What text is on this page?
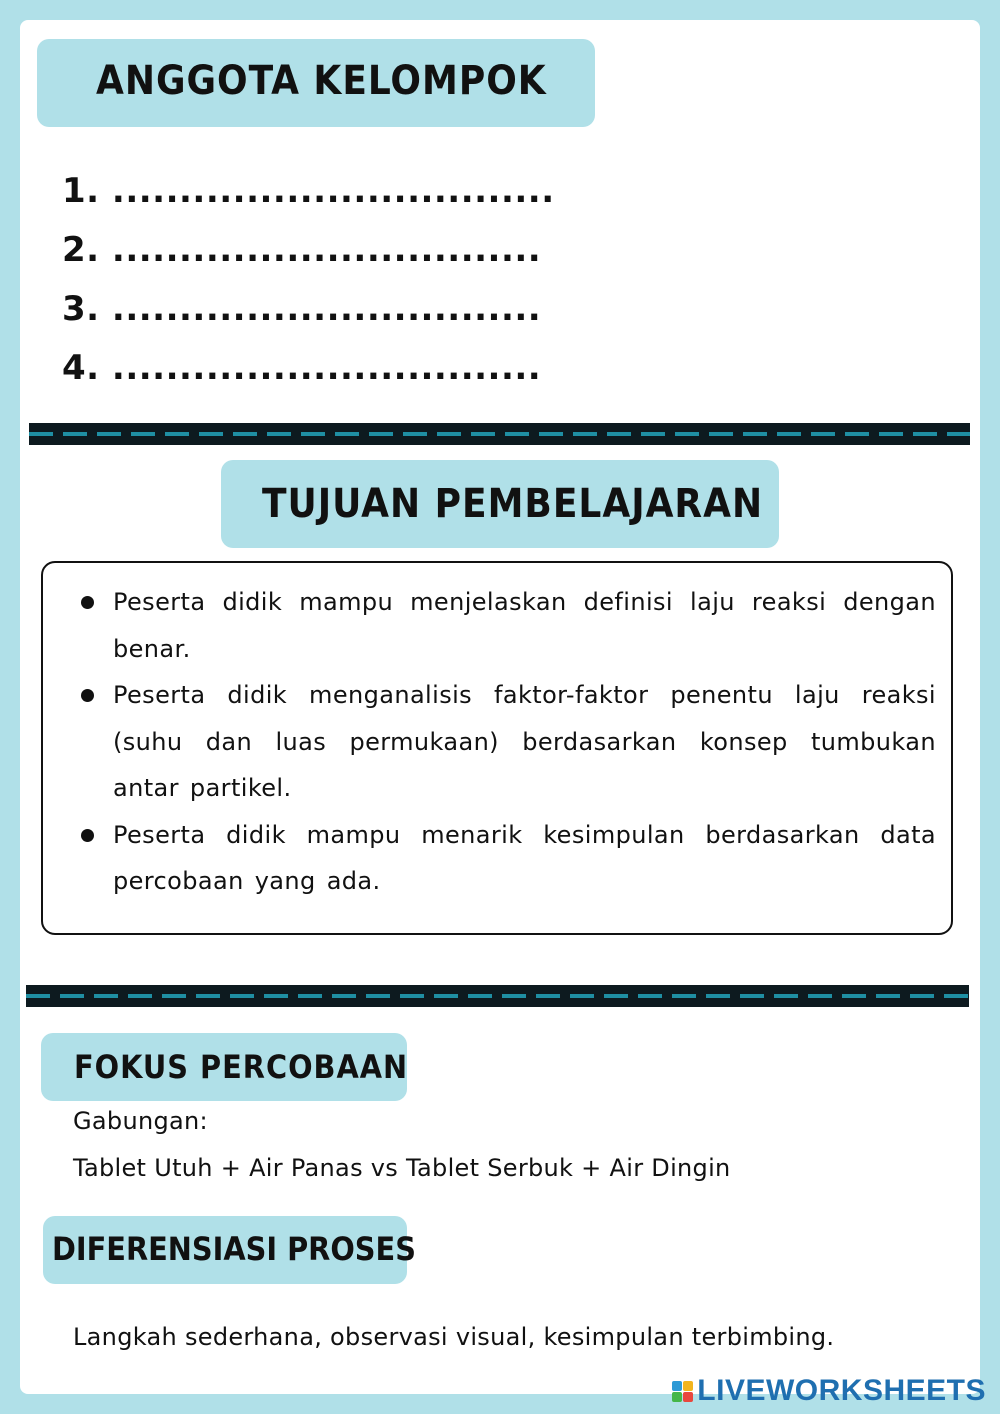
ANGGOTA KELOMPOK
1. .................................
2. ................................
3. ................................
4. ................................
TUJUAN PEMBELAJARAN
Peserta didik mampu menjelaskan definisi laju reaksi dengan benar.
Peserta didik menganalisis faktor-faktor penentu laju reaksi (suhu dan luas permukaan) berdasarkan konsep tumbukan antar partikel.
Peserta didik mampu menarik kesimpulan berdasarkan data percobaan yang ada.
FOKUS PERCOBAAN
Gabungan:
Tablet Utuh + Air Panas vs Tablet Serbuk + Air Dingin
DIFERENSIASI PROSES
Langkah sederhana, observasi visual, kesimpulan terbimbing.
LIVEWORKSHEETS
